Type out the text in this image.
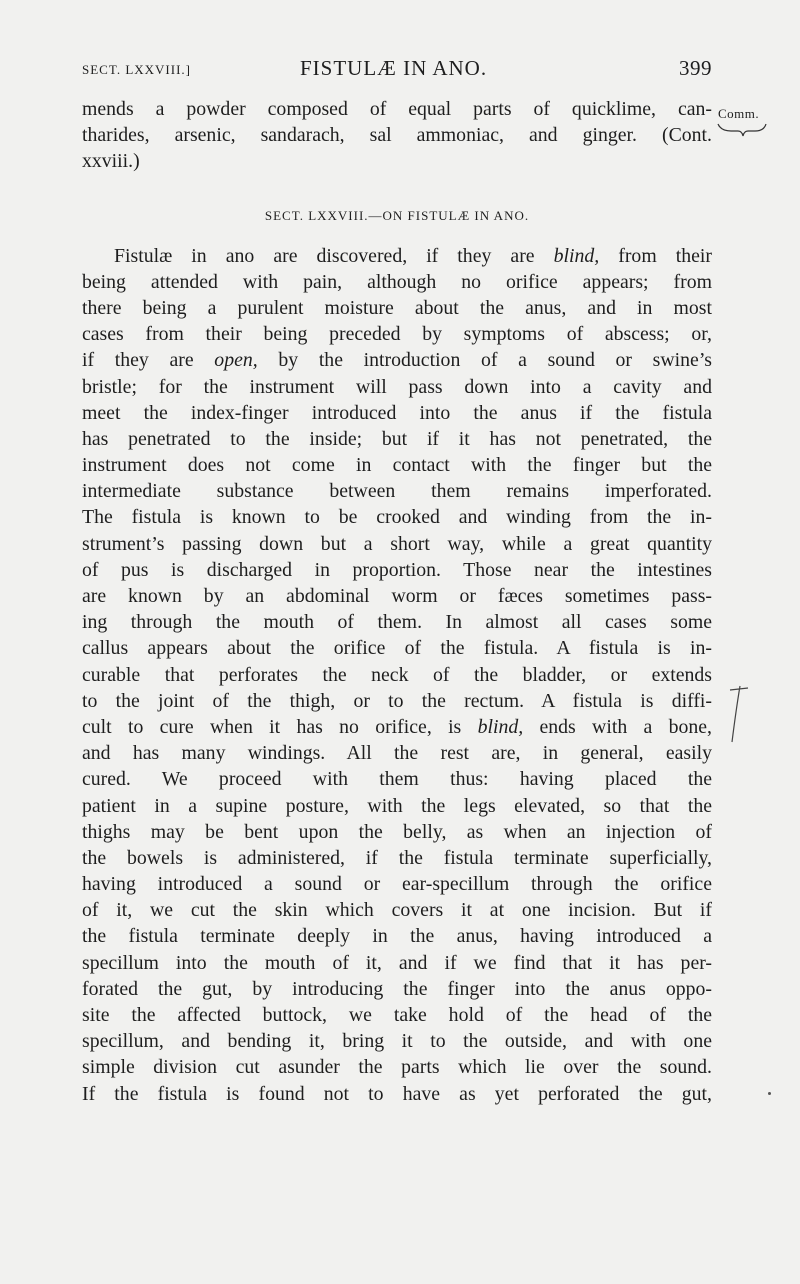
SECT. LXXVIII.]	FISTULÆ IN ANO.	399
Comm.
mends a powder composed of equal parts of quicklime, can-
tharides, arsenic, sandarach, sal ammoniac, and ginger. (Cont.
xxviii.)
SECT. LXXVIII.—ON FISTULÆ IN ANO.
Fistulæ in ano are discovered, if they are blind, from their
being attended with pain, although no orifice appears; from
there being a purulent moisture about the anus, and in most
cases from their being preceded by symptoms of abscess; or,
if they are open, by the introduction of a sound or swine’s
bristle; for the instrument will pass down into a cavity and
meet the index-finger introduced into the anus if the fistula
has penetrated to the inside; but if it has not penetrated, the
instrument does not come in contact with the finger but the
intermediate substance between them remains imperforated.
The fistula is known to be crooked and winding from the in-
strument’s passing down but a short way, while a great quantity
of pus is discharged in proportion. Those near the intestines
are known by an abdominal worm or fæces sometimes pass-
ing through the mouth of them. In almost all cases some
callus appears about the orifice of the fistula. A fistula is in-
curable that perforates the neck of the bladder, or extends
to the joint of the thigh, or to the rectum. A fistula is diffi-
cult to cure when it has no orifice, is blind, ends with a bone,
and has many windings. All the rest are, in general, easily
cured. We proceed with them thus: having placed the
patient in a supine posture, with the legs elevated, so that the
thighs may be bent upon the belly, as when an injection of
the bowels is administered, if the fistula terminate superficially,
having introduced a sound or ear-specillum through the orifice
of it, we cut the skin which covers it at one incision. But if
the fistula terminate deeply in the anus, having introduced a
specillum into the mouth of it, and if we find that it has per-
forated the gut, by introducing the finger into the anus oppo-
site the affected buttock, we take hold of the head of the
specillum, and bending it, bring it to the outside, and with one
simple division cut asunder the parts which lie over the sound.
If the fistula is found not to have as yet perforated the gut,
